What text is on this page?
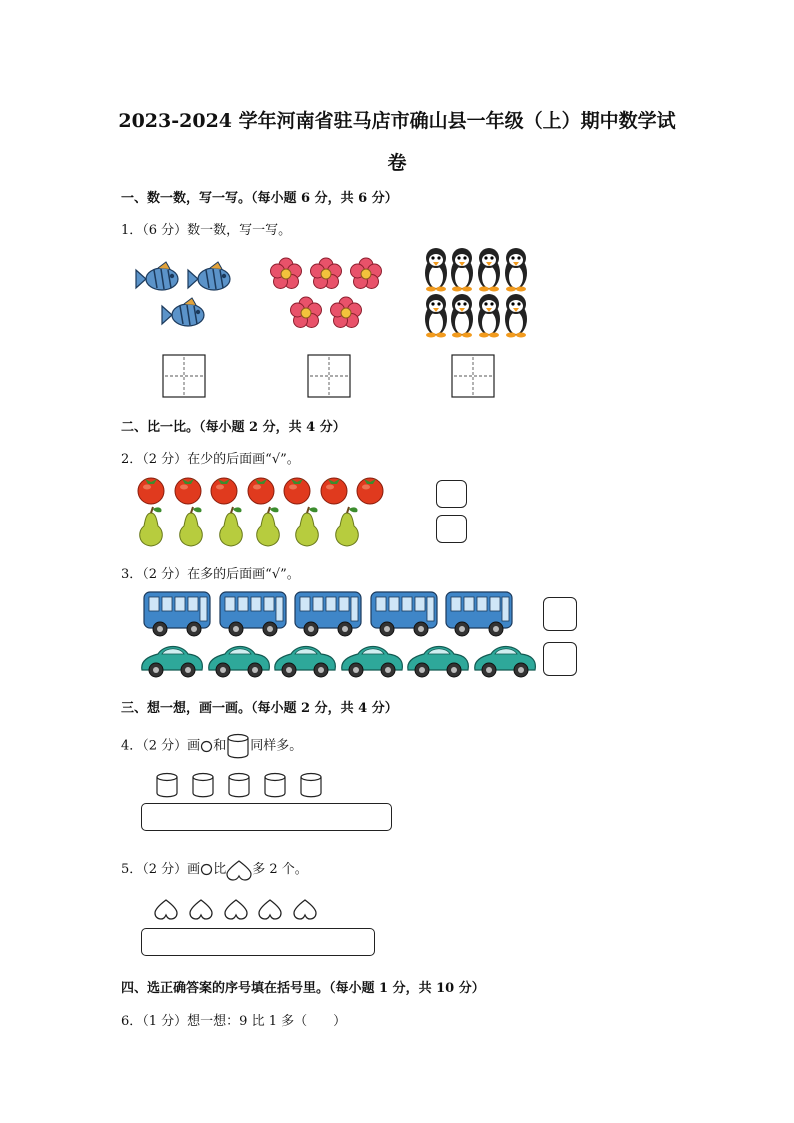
2023-2024 学年河南省驻马店市确山县一年级（上）期中数学试
卷
一、数一数，写一写。（每小题 6 分，共 6 分）
1．（6 分）数一数，写一写。
二、比一比。（每小题 2 分，共 4 分）
2．（2 分）在少的后面画“√”。
3．（2 分）在多的后面画“√”。
三、想一想，画一画。（每小题 2 分，共 4 分）
4．（2 分）画 和 同样多。
5．（2 分）画 比 多 2 个。
四、选正确答案的序号填在括号里。（每小题 1 分，共 10 分）
6．（1 分）想一想：9 比 1 多（　　）
